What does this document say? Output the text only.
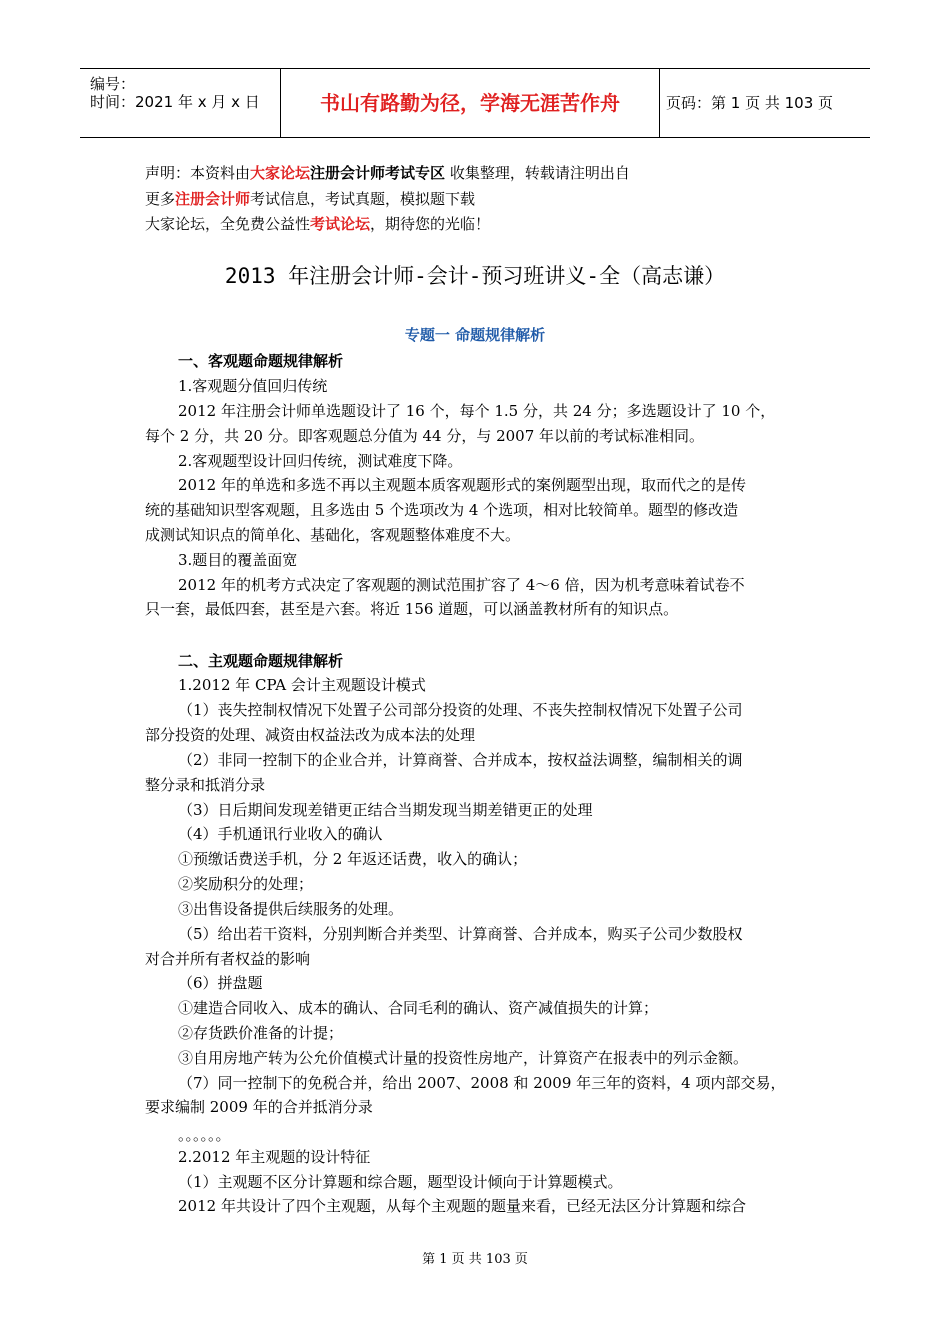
编号：
时间：2021 年 x 月 x 日	书山有路勤为径，学海无涯苦作舟	页码：第 1 页 共 103 页
声明：本资料由大家论坛注册会计师考试专区 收集整理，转载请注明出自
更多注册会计师考试信息，考试真题，模拟题下载
大家论坛，全免费公益性考试论坛，期待您的光临！
2013 年注册会计师-会计-预习班讲义-全（高志谦）
专题一 命题规律解析
一、客观题命题规律解析
1.客观题分值回归传统
2012 年注册会计师单选题设计了 16 个，每个 1.5 分，共 24 分；多选题设计了 10 个，
每个 2 分，共 20 分。即客观题总分值为 44 分，与 2007 年以前的考试标准相同。
2.客观题型设计回归传统，测试难度下降。
2012 年的单选和多选不再以主观题本质客观题形式的案例题型出现，取而代之的是传
统的基础知识型客观题，且多选由 5 个选项改为 4 个选项，相对比较简单。题型的修改造
成测试知识点的简单化、基础化，客观题整体难度不大。
3.题目的覆盖面宽
2012 年的机考方式决定了客观题的测试范围扩容了 4～6 倍，因为机考意味着试卷不
只一套，最低四套，甚至是六套。将近 156 道题，可以涵盖教材所有的知识点。
二、主观题命题规律解析
1.2012 年 CPA 会计主观题设计模式
（1）丧失控制权情况下处置子公司部分投资的处理、不丧失控制权情况下处置子公司
部分投资的处理、减资由权益法改为成本法的处理
（2）非同一控制下的企业合并，计算商誉、合并成本，按权益法调整，编制相关的调
整分录和抵消分录
（3）日后期间发现差错更正结合当期发现当期差错更正的处理
（4）手机通讯行业收入的确认
①预缴话费送手机，分 2 年返还话费，收入的确认；
②奖励积分的处理；
③出售设备提供后续服务的处理。
（5）给出若干资料，分别判断合并类型、计算商誉、合并成本，购买子公司少数股权
对合并所有者权益的影响
（6）拼盘题
①建造合同收入、成本的确认、合同毛利的确认、资产减值损失的计算；
②存货跌价准备的计提；
③自用房地产转为公允价值模式计量的投资性房地产，计算资产在报表中的列示金额。
（7）同一控制下的免税合并，给出 2007、2008 和 2009 年三年的资料，4 项内部交易，
要求编制 2009 年的合并抵消分录
。。。。。。
2.2012 年主观题的设计特征
（1）主观题不区分计算题和综合题，题型设计倾向于计算题模式。
2012 年共设计了四个主观题，从每个主观题的题量来看，已经无法区分计算题和综合
第 1 页 共 103 页
